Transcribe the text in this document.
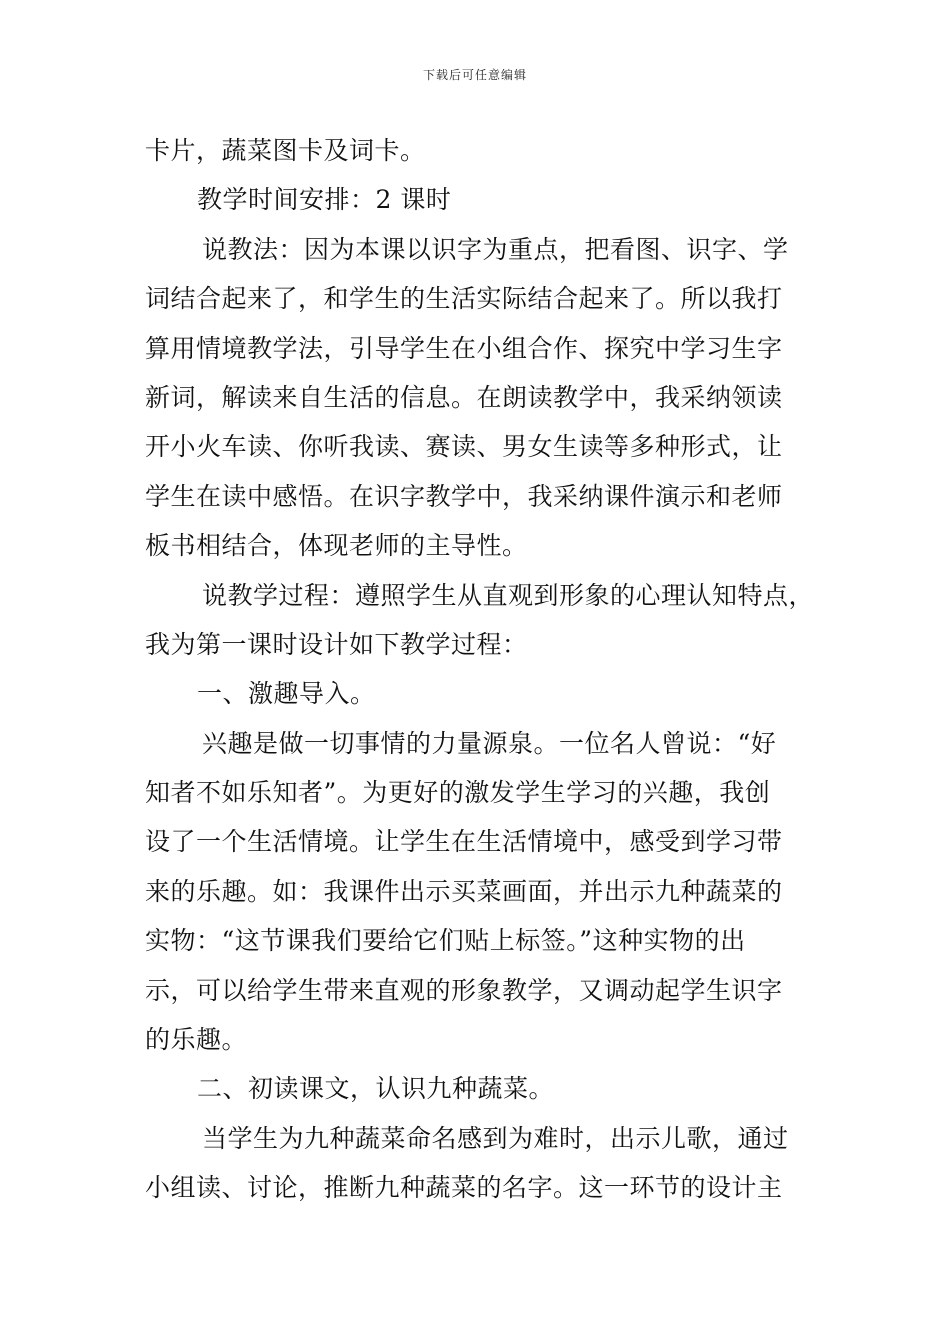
下载后可任意编辑
卡片，蔬菜图卡及词卡。
教学时间安排：2 课时
说教法：因为本课以识字为重点，把看图、识字、学
词结合起来了，和学生的生活实际结合起来了。所以我打
算用情境教学法，引导学生在小组合作、探究中学习生字
新词，解读来自生活的信息。在朗读教学中，我采纳领读
开小火车读、你听我读、赛读、男女生读等多种形式，让
学生在读中感悟。在识字教学中，我采纳课件演示和老师
板书相结合，体现老师的主导性。
说教学过程：遵照学生从直观到形象的心理认知特点，
我为第一课时设计如下教学过程：
一、激趣导入。
兴趣是做一切事情的力量源泉。一位名人曾说：“好
知者不如乐知者”。为更好的激发学生学习的兴趣，我创
设了一个生活情境。让学生在生活情境中，感受到学习带
来的乐趣。如：我课件出示买菜画面，并出示九种蔬菜的
实物：“这节课我们要给它们贴上标签。”这种实物的出
示，可以给学生带来直观的形象教学，又调动起学生识字
的乐趣。
二、初读课文，认识九种蔬菜。
当学生为九种蔬菜命名感到为难时，出示儿歌，通过
小组读、讨论，推断九种蔬菜的名字。这一环节的设计主
